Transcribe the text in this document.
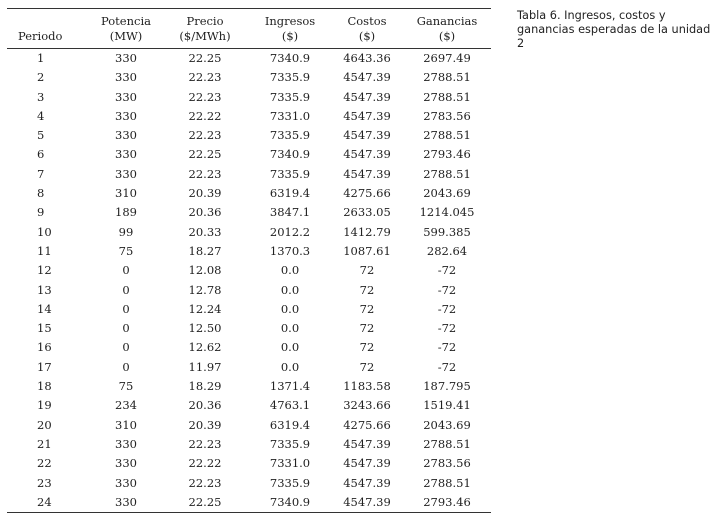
	Potencia	Precio	Ingresos	Costos	Ganancias
Periodo	(MW)	($/MWh)	($)	($)	($)
1	330	22.25	7340.9	4643.36	2697.49
2	330	22.23	7335.9	4547.39	2788.51
3	330	22.23	7335.9	4547.39	2788.51
4	330	22.22	7331.0	4547.39	2783.56
5	330	22.23	7335.9	4547.39	2788.51
6	330	22.25	7340.9	4547.39	2793.46
7	330	22.23	7335.9	4547.39	2788.51
8	310	20.39	6319.4	4275.66	2043.69
9	189	20.36	3847.1	2633.05	1214.045
10	99	20.33	2012.2	1412.79	599.385
11	75	18.27	1370.3	1087.61	282.64
12	0	12.08	0.0	72	-72
13	0	12.78	0.0	72	-72
14	0	12.24	0.0	72	-72
15	0	12.50	0.0	72	-72
16	0	12.62	0.0	72	-72
17	0	11.97	0.0	72	-72
18	75	18.29	1371.4	1183.58	187.795
19	234	20.36	4763.1	3243.66	1519.41
20	310	20.39	6319.4	4275.66	2043.69
21	330	22.23	7335.9	4547.39	2788.51
22	330	22.22	7331.0	4547.39	2783.56
23	330	22.23	7335.9	4547.39	2788.51
24	330	22.25	7340.9	4547.39	2793.46
Tabla 6. Ingresos, costos y ganancias esperadas de la unidad 2
